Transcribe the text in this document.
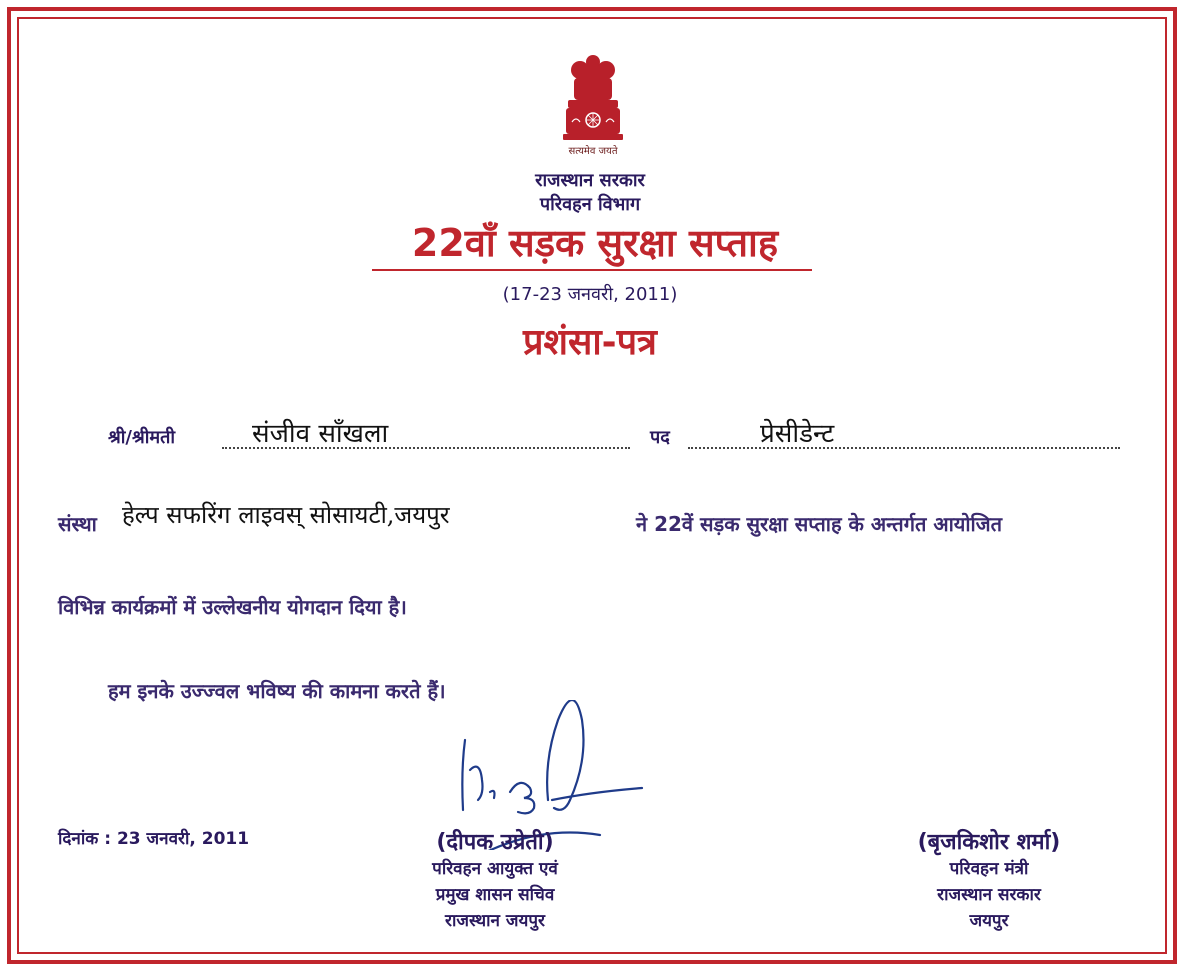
सत्यमेव जयते
राजस्थान सरकार
परिवहन विभाग
22वाँ सड़क सुरक्षा सप्ताह
(17-23 जनवरी, 2011)
प्रशंसा-पत्र
श्री/श्रीमती	संजीव सॉंखला	पद	प्रेसीडेन्ट
संस्था हेल्प सफरिंग लाइवस् सोसायटी,जयपुर	ने 22वें सड़क सुरक्षा सप्ताह के अन्तर्गत आयोजित
विभिन्न कार्यक्रमों में उल्लेखनीय योगदान दिया है।
हम इनके उज्ज्वल भविष्य की कामना करते हैं।
दिनांक : 23 जनवरी, 2011	(दीपक उप्रेती)
परिवहन आयुक्त एवं
प्रमुख शासन सचिव
राजस्थान जयपुर
(बृजकिशोर शर्मा)
परिवहन मंत्री
राजस्थान सरकार
जयपुर
